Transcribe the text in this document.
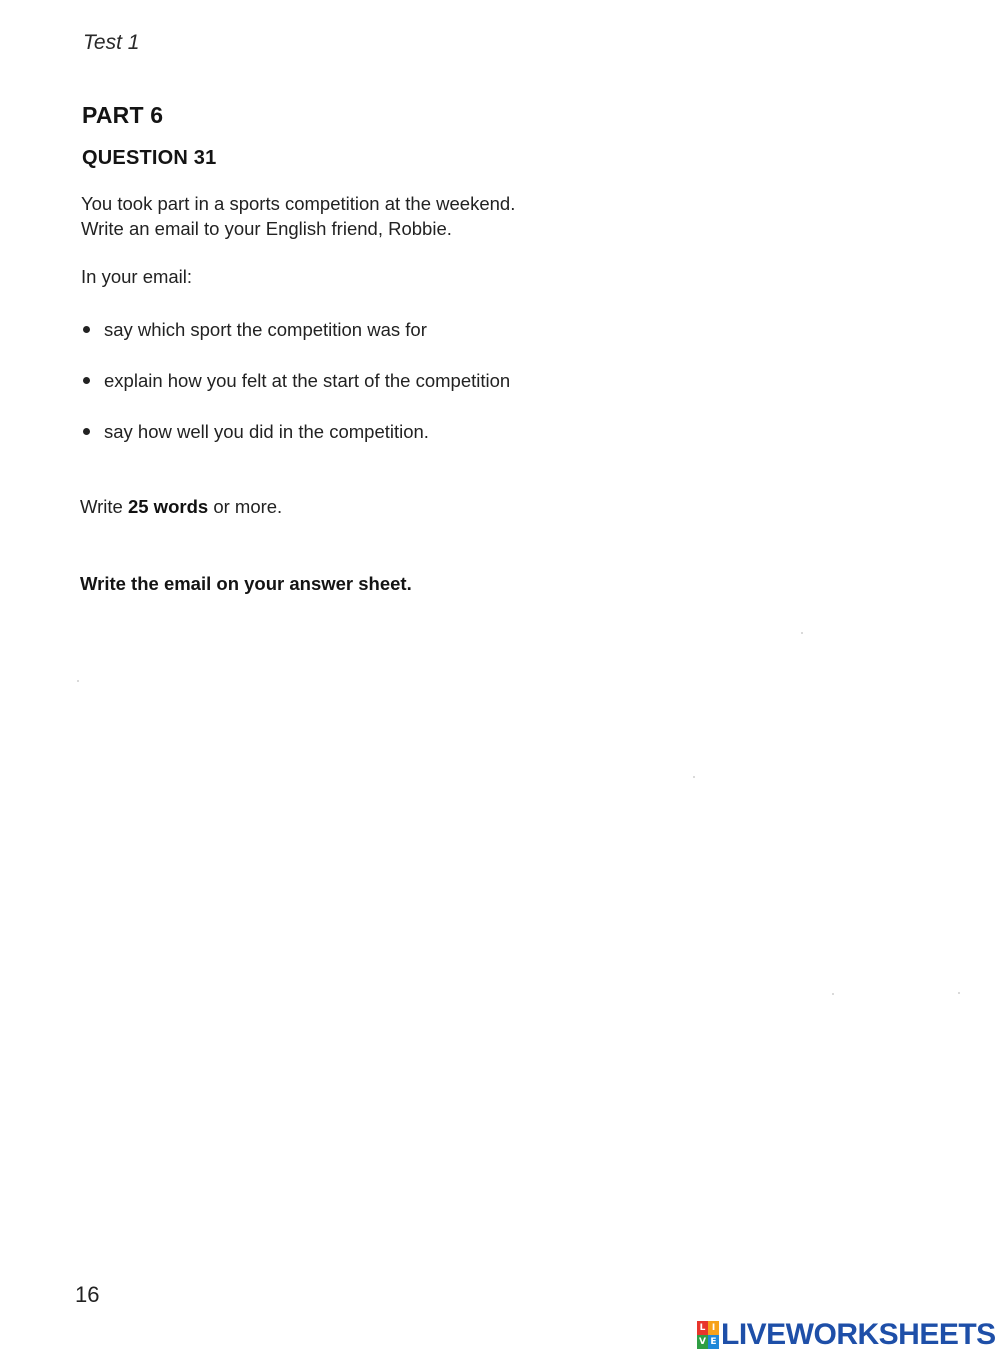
Test 1
PART 6
QUESTION 31
You took part in a sports competition at the weekend.
Write an email to your English friend, Robbie.
In your email:
say which sport the competition was for
explain how you felt at the start of the competition
say how well you did in the competition.
Write 25 words or more.
Write the email on your answer sheet.
16
L I
V E LIVEWORKSHEETS
